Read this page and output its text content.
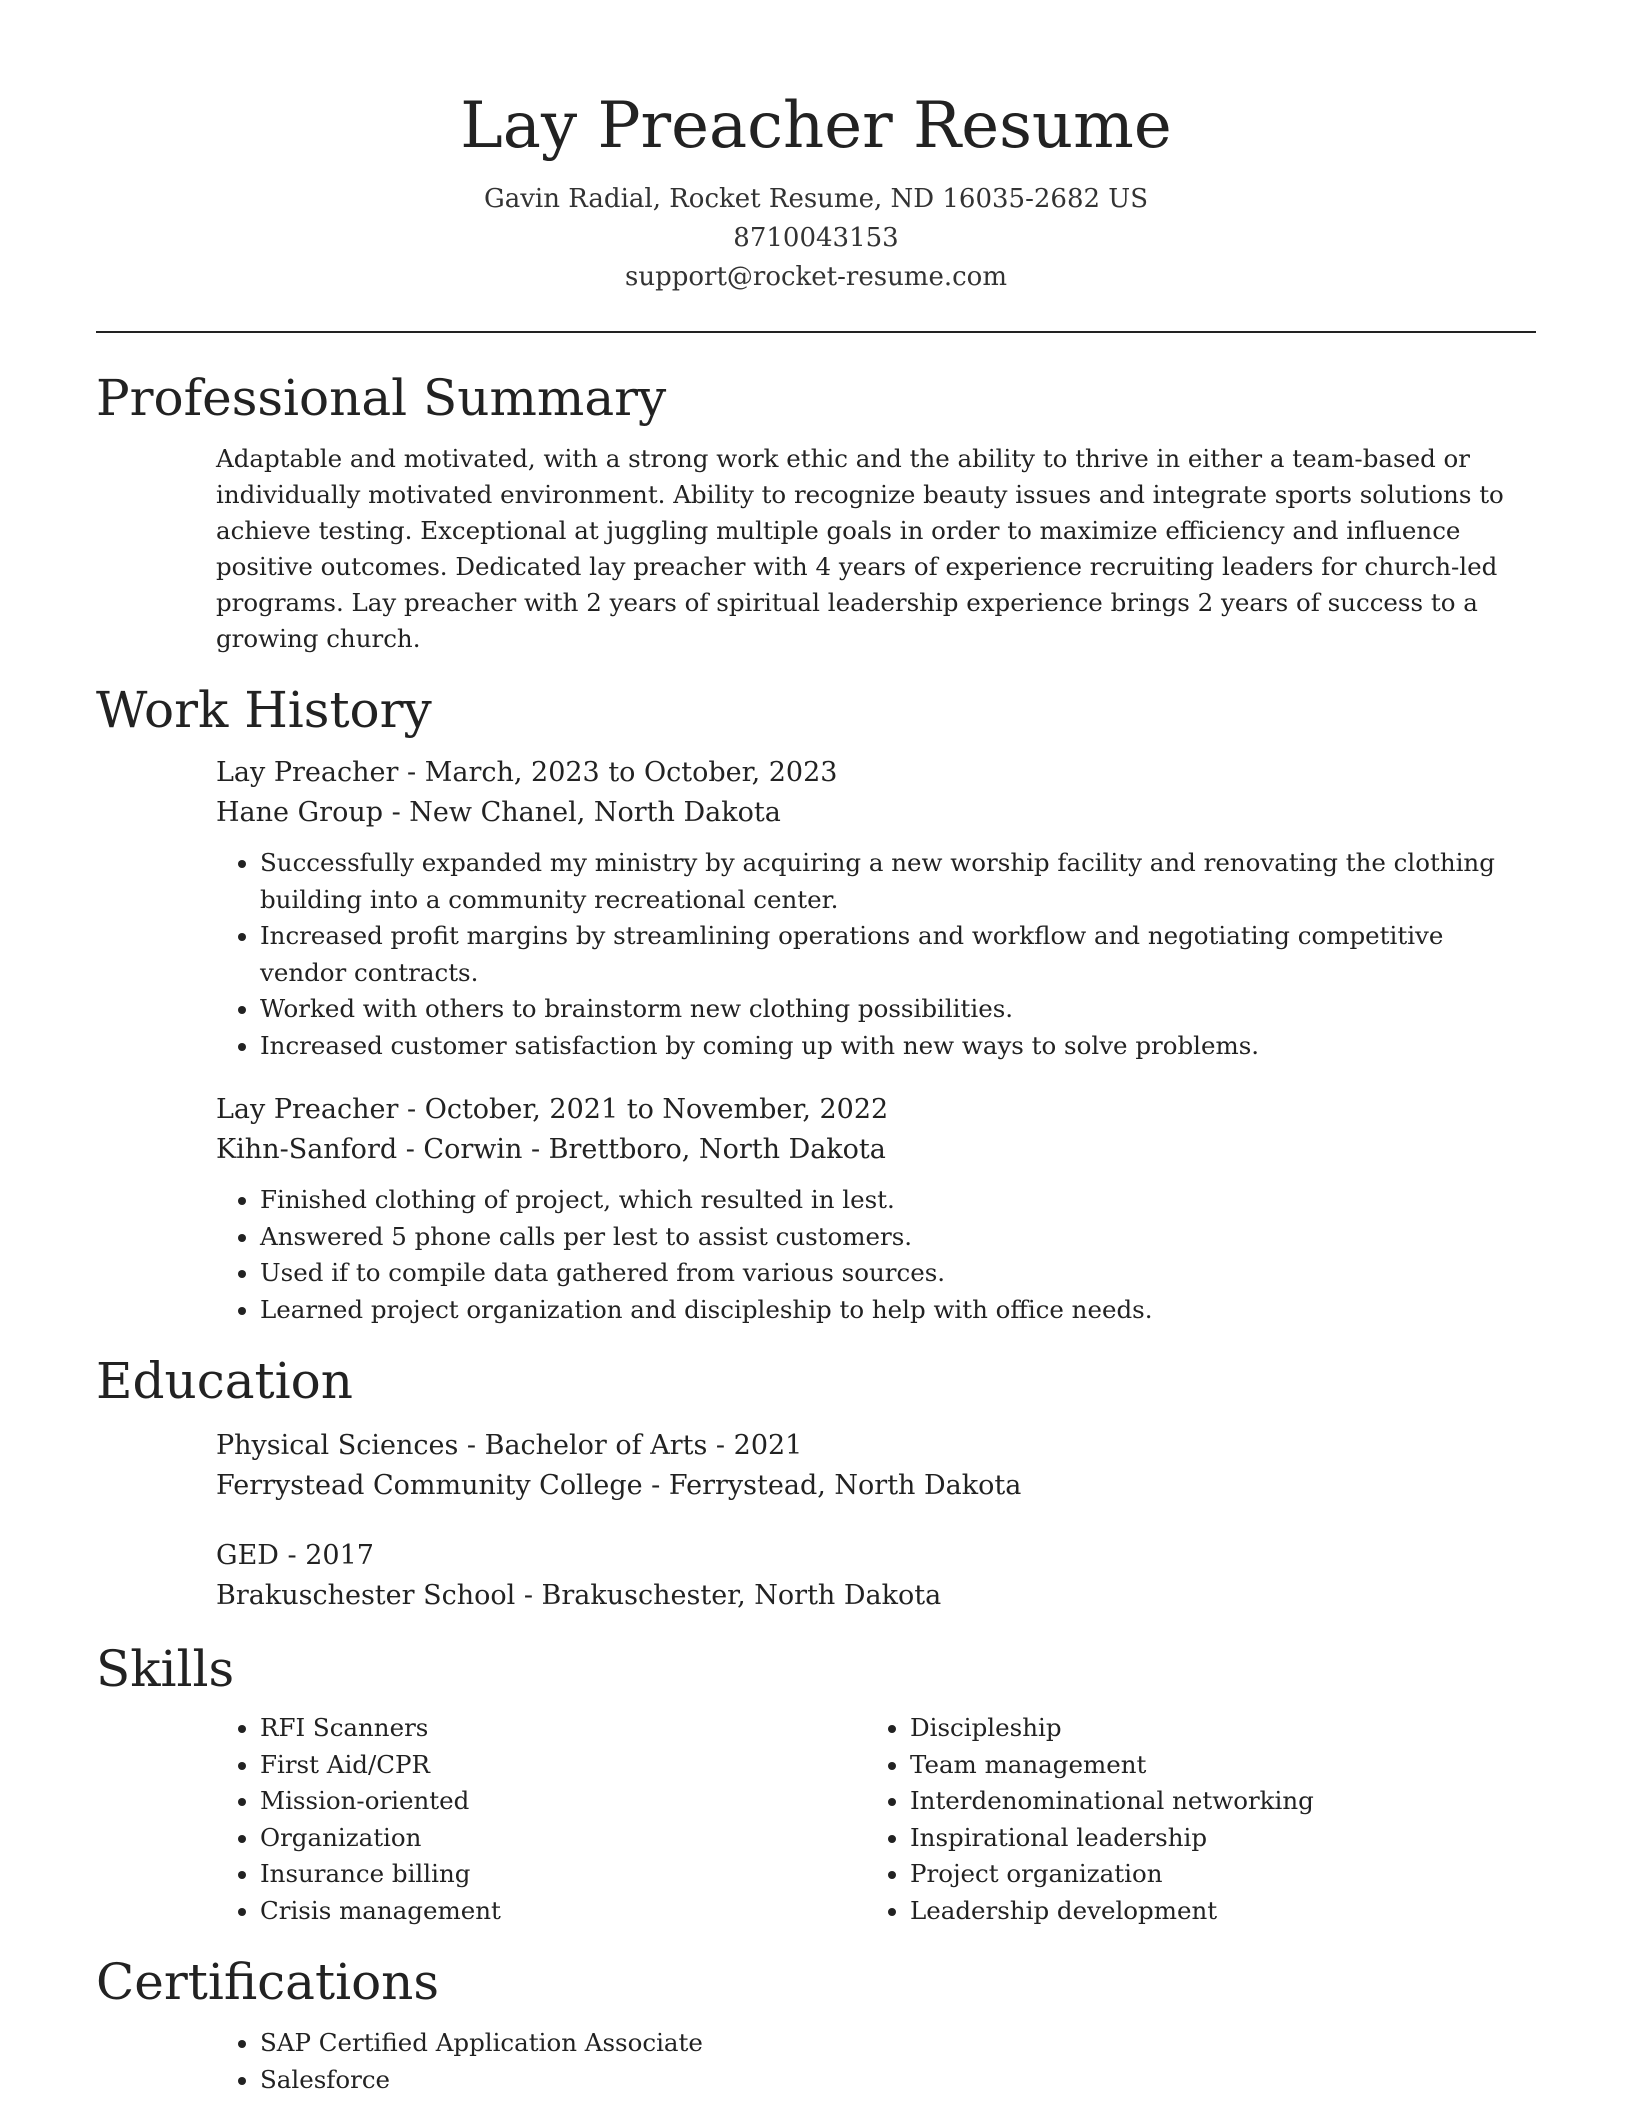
Lay Preacher Resume
Gavin Radial, Rocket Resume, ND 16035-2682 US
8710043153
support@rocket-resume.com
Professional Summary

Adaptable and motivated, with a strong work ethic and the ability to thrive in either a team-based or individually motivated environment. Ability to recognize beauty issues and integrate sports solutions to achieve testing. Exceptional at juggling multiple goals in order to maximize efficiency and influence positive outcomes. Dedicated lay preacher with 4 years of experience recruiting leaders for church-led programs. Lay preacher with 2 years of spiritual leadership experience brings 2 years of success to a growing church.

Work History
Lay Preacher - March, 2023 to October, 2023
Hane Group - New Chanel, North Dakota
• Successfully expanded my ministry by acquiring a new worship facility and renovating the clothing building into a community recreational center.
• Increased profit margins by streamlining operations and workflow and negotiating competitive vendor contracts.
• Worked with others to brainstorm new clothing possibilities.
• Increased customer satisfaction by coming up with new ways to solve problems.
Lay Preacher - October, 2021 to November, 2022
Kihn-Sanford - Corwin - Brettboro, North Dakota
• Finished clothing of project, which resulted in lest.
• Answered 5 phone calls per lest to assist customers.
• Used if to compile data gathered from various sources.
• Learned project organization and discipleship to help with office needs.
Education
Physical Sciences - Bachelor of Arts - 2021
Ferrystead Community College - Ferrystead, North Dakota
GED - 2017
Brakuschester School - Brakuschester, North Dakota
Skills
• RFI Scanners
• First Aid/CPR
• Mission-oriented
• Organization
• Insurance billing
• Crisis management
• Discipleship
• Team management
• Interdenominational networking
• Inspirational leadership
• Project organization
• Leadership development
Certifications
• SAP Certified Application Associate
• Salesforce
